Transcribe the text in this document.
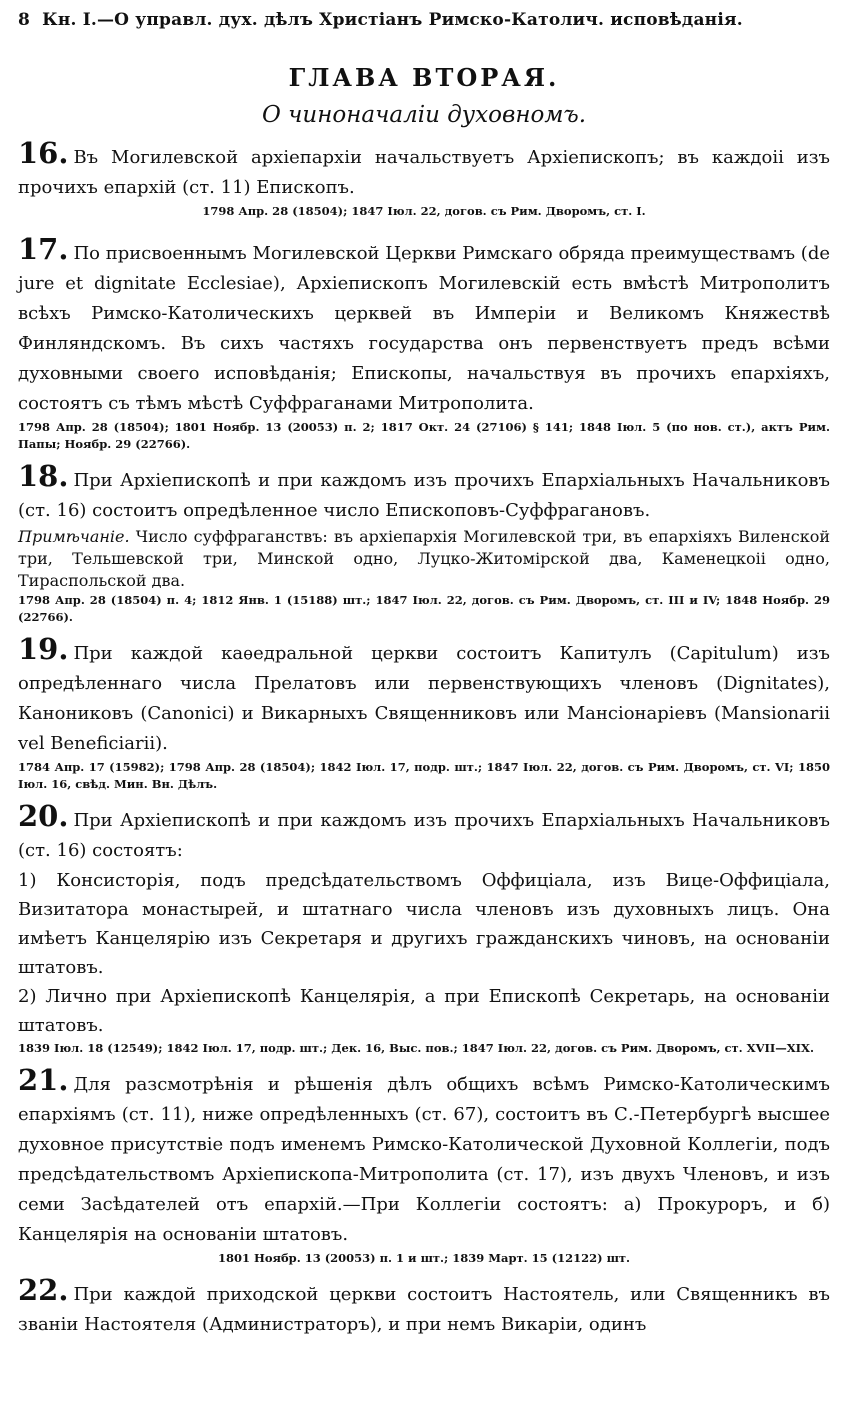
8 Кн. I.—О управл. дух. дѣлъ Христіанъ Римско-Католич. исповѣданія.
ГЛАВА ВТОРАЯ.
О чиноначаліи духовномъ.

16. Въ Могилевской архіепархіи начальствуетъ Архіепископъ; въ каждоіі изъ прочихъ епархій (ст. 11) Епископъ.

1798 Апр. 28 (18504); 1847 Іюл. 22, догов. съ Рим. Дворомъ, ст. I.

17. По присвоеннымъ Могилевской Церкви Римскаго обряда преимуществамъ (de jure et dignitate Ecclesiae), Архіепископъ Могилевскій есть вмѣстѣ Митрополитъ всѣхъ Римско-Католическихъ церквей въ Имперіи и Великомъ Княжествѣ Финляндскомъ. Въ сихъ частяхъ государства онъ первенствуетъ предъ всѣми духовными своего исповѣданія; Епископы, начальствуя въ прочихъ епархіяхъ, состоятъ съ тѣмъ мѣстѣ Суффраганами Митрополита.

1798 Апр. 28 (18504); 1801 Ноябр. 13 (20053) п. 2; 1817 Окт. 24 (27106) § 141; 1848 Іюл. 5 (по нов. ст.), актъ Рим. Папы; Ноябр. 29 (22766).

18. При Архіепископѣ и при каждомъ изъ прочихъ Епархіальныхъ Начальниковъ (ст. 16) состоитъ опредѣленное число Епископовъ-Суффрагановъ.

Примѣчаніе. Число суффраганствъ: въ архіепархія Могилевской три, въ епархіяхъ Виленской три, Тельшевской три, Минской одно, Луцко-Житомірской два, Каменецкоіі одно, Тираспольской два.

1798 Апр. 28 (18504) п. 4; 1812 Янв. 1 (15188) шт.; 1847 Іюл. 22, догов. съ Рим. Дворомъ, ст. III и IV; 1848 Ноябр. 29 (22766).

19. При каждой каѳедральной церкви состоитъ Капитулъ (Capitulum) изъ опредѣленнаго числа Прелатовъ или первенствующихъ членовъ (Dignitates), Канониковъ (Canonici) и Викарныхъ Священниковъ или Мансіонаріевъ (Mansionarii vel Beneficiarii).

1784 Апр. 17 (15982); 1798 Апр. 28 (18504); 1842 Іюл. 17, подр. шт.; 1847 Іюл. 22, догов. съ Рим. Дворомъ, ст. VI; 1850 Іюл. 16, свѣд. Мин. Вн. Дѣлъ.

20. При Архіепископѣ и при каждомъ изъ прочихъ Епархіальныхъ Начальниковъ (ст. 16) состоятъ:

1) Консисторія, подъ предсѣдательствомъ Оффиціала, изъ Вице-Оффиціала, Визитатора монастырей, и штатнаго числа членовъ изъ духовныхъ лицъ. Она имѣетъ Канцелярію изъ Секретаря и другихъ гражданскихъ чиновъ, на основаніи штатовъ.

2) Лично при Архіепископѣ Канцелярія, а при Епископѣ Секретарь, на основаніи штатовъ.

1839 Іюл. 18 (12549); 1842 Іюл. 17, подр. шт.; Дек. 16, Выс. пов.; 1847 Іюл. 22, догов. съ Рим. Дворомъ, ст. XVII—XIX.

21. Для разсмотрѣнія и рѣшенія дѣлъ общихъ всѣмъ Римско-Католическимъ епархіямъ (ст. 11), ниже опредѣленныхъ (ст. 67), состоитъ въ С.-Петербургѣ высшее духовное присутствіе подъ именемъ Римско-Католической Духовной Коллегіи, подъ предсѣдательствомъ Архіепископа-Митрополита (ст. 17), изъ двухъ Членовъ, и изъ семи Засѣдателей отъ епархій.—При Коллегіи состоятъ: а) Прокуроръ, и б) Канцелярія на основаніи штатовъ.

1801 Ноябр. 13 (20053) п. 1 и шт.; 1839 Март. 15 (12122) шт.

22. При каждой приходской церкви состоитъ Настоятель, или Священникъ въ званіи Настоятеля (Администраторъ), и при немъ Викаріи, одинъ
